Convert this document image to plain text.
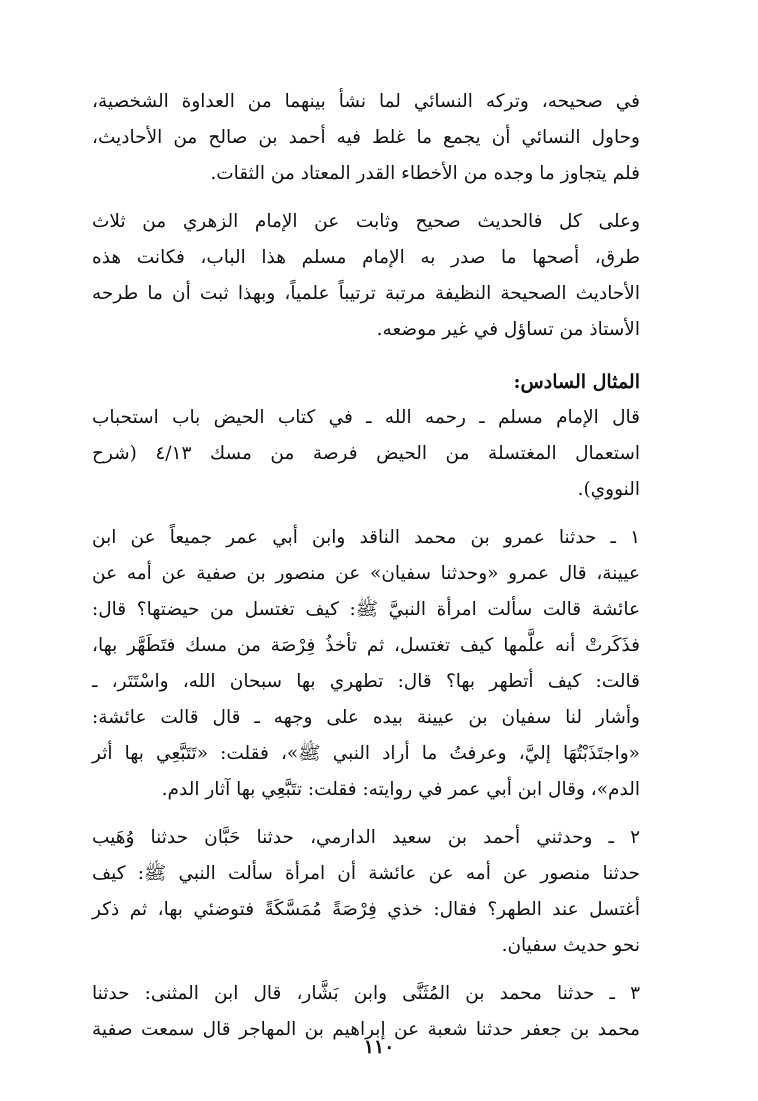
في صحيحه، وتركه النسائي لما نشأ بينهما من العداوة الشخصية،
وحاول النسائي أن يجمع ما غلط فيه أحمد بن صالح من الأحاديث،
فلم يتجاوز ما وجده من الأخطاء القدر المعتاد من الثقات.

وعلى كل فالحديث صحيح وثابت عن الإمام الزهري من ثلاث
طرق، أصحها ما صدر به الإمام مسلم هذا الباب، فكانت هذه
الأحاديث الصحيحة النظيفة مرتبة ترتيباً علمياً، وبهذا ثبت أن ما طرحه
الأستاذ من تساؤل في غير موضعه.

المثال السادس:

قال الإمام مسلم ـ رحمه الله ـ في كتاب الحيض باب استحباب
استعمال المغتسلة من الحيض فرصة من مسك ٤/١٣ (شرح
النووي).

١ ـ حدثنا عمرو بن محمد الناقد وابن أبي عمر جميعاً عن ابن
عيينة، قال عمرو «وحدثنا سفيان» عن منصور بن صفية عن أمه عن
عائشة قالت سألت امرأة النبيَّ ﷺ: كيف تغتسل من حيضتها؟ قال:
فذَكَرتْ أنه علَّمها كيف تغتسل، ثم تأخذُ فِرْصَة من مسك فتَطَهَّر بها،
قالت: كيف أتطهر بها؟ قال: تطهري بها سبحان الله، واسْتَتَر، ـ
وأشار لنا سفيان بن عيينة بيده على وجهه ـ قال قالت عائشة:
«واجتَذَبْتُهَا إليَّ، وعرفتُ ما أراد النبي ﷺ»، فقلت: «تَتَبَّعِي بها أثر
الدم»، وقال ابن أبي عمر في روايته: فقلت: تتَبَّعِي بها آثار الدم.

٢ ـ وحدثني أحمد بن سعيد الدارمي، حدثنا حَبَّان حدثنا وُهَيب
حدثنا منصور عن أمه عن عائشة أن امرأة سألت النبي ﷺ: كيف
أغتسل عند الطهر؟ فقال: خذي فِرْصَةً مُمَسَّكَةً فتوضئي بها، ثم ذكر
نحو حديث سفيان.

٣ ـ حدثنا محمد بن المُثَنَّى وابن بَشَّار، قال ابن المثنى: حدثنا
محمد بن جعفر حدثنا شعبة عن إبراهيم بن المهاجر قال سمعت صفية

١١٠
